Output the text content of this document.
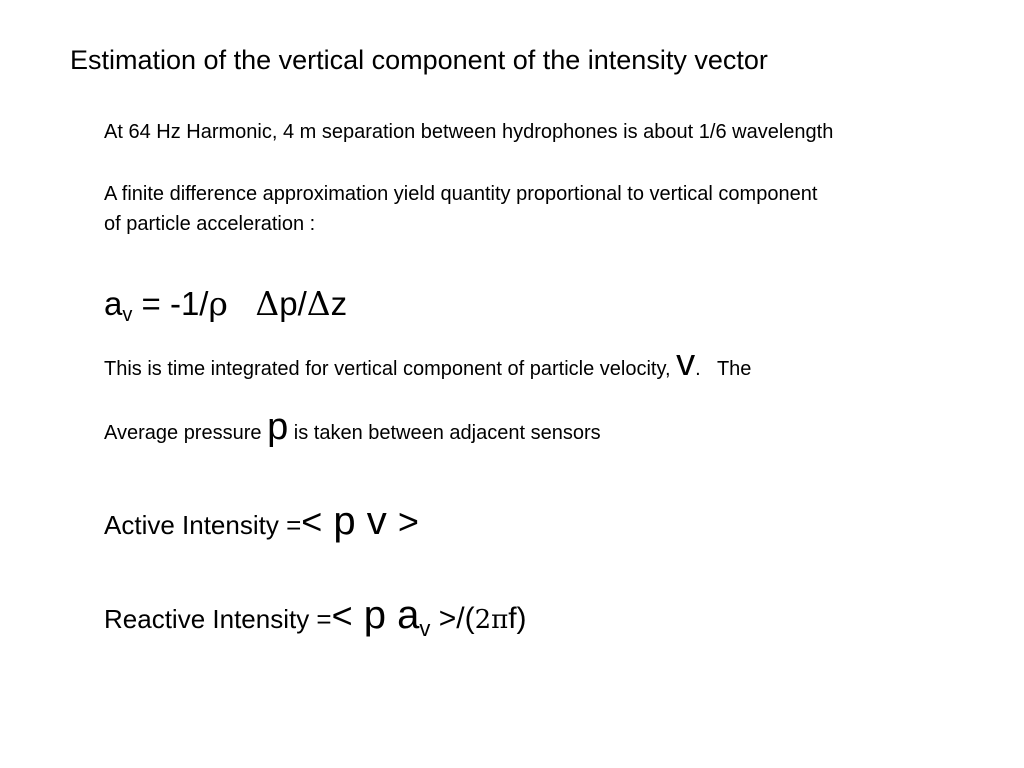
Estimation of the vertical component of the intensity vector
At 64 Hz Harmonic, 4 m separation between hydrophones is about 1/6 wavelength
A finite difference approximation yield quantity proportional to vertical component
of particle acceleration :
$a_v = -1/\rho$ Δp/Δz
This is time integrated for vertical component of particle velocity, v.   The
Average pressure p is taken between adjacent sensors
Active Intensity =< p v >
Reactive Intensity =< p $a_v >/(2\pi f)$
